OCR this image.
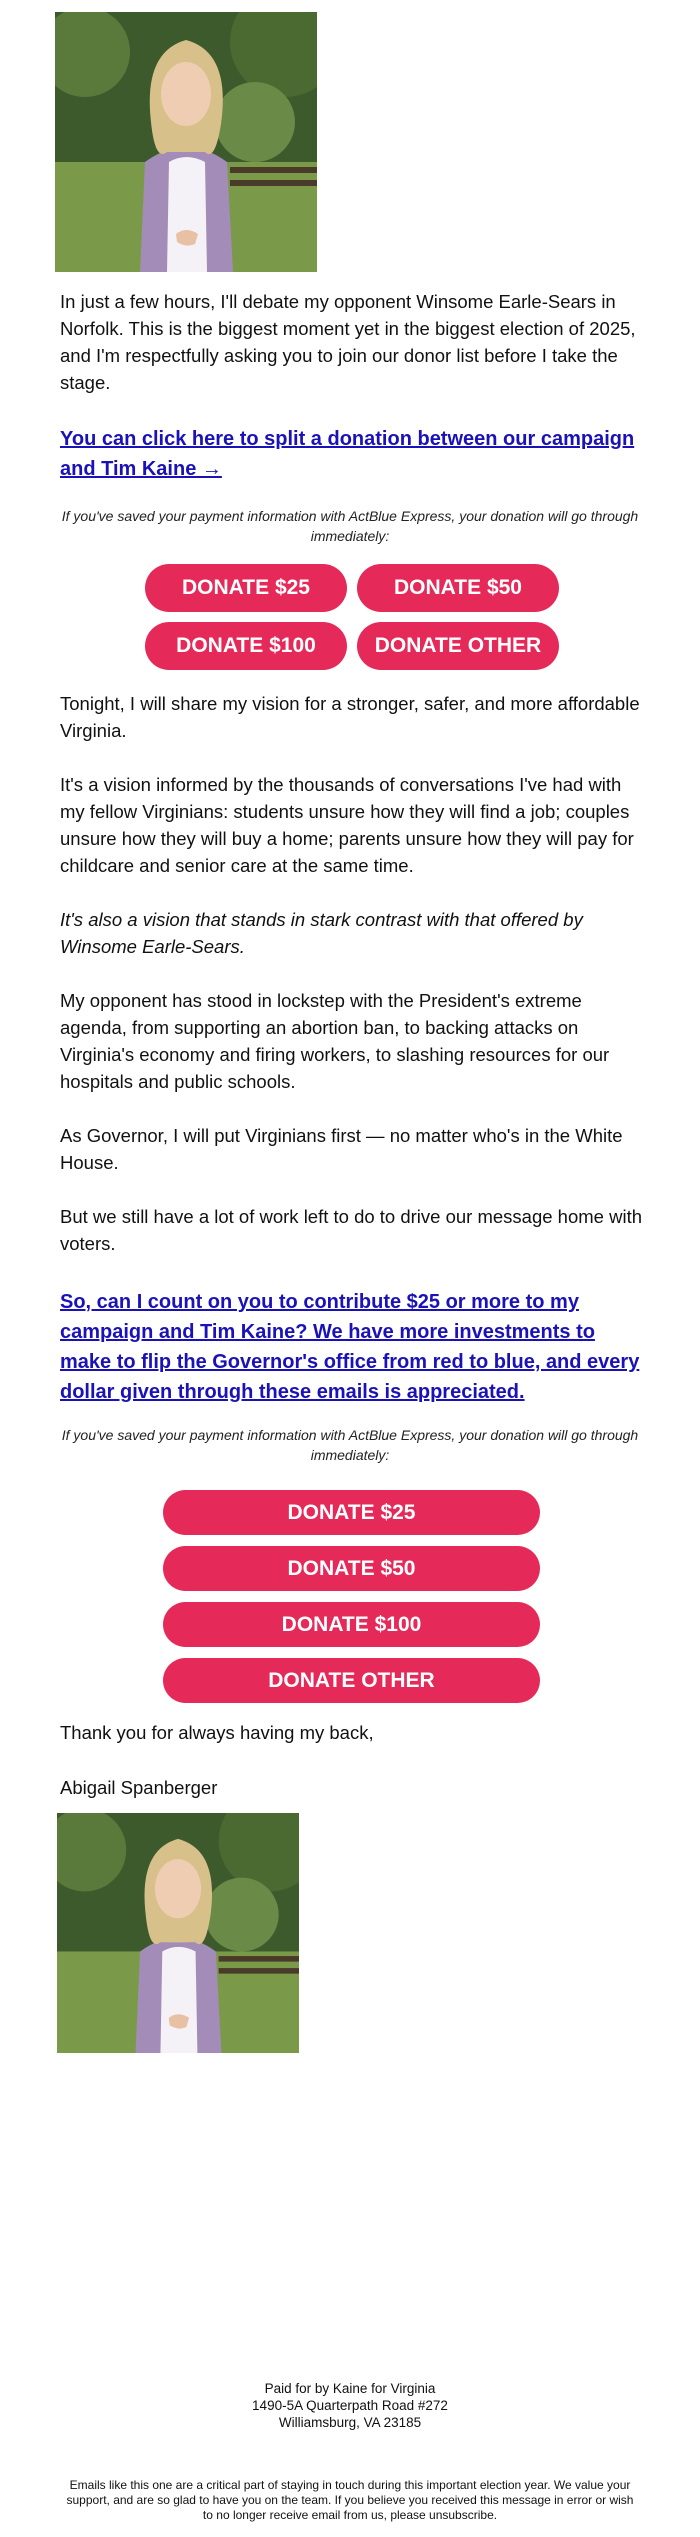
In just a few hours, I'll debate my opponent Winsome Earle-Sears in Norfolk. This is the biggest moment yet in the biggest election of 2025, and I'm respectfully asking you to join our donor list before I take the stage.

You can click here to split a donation between our campaign and Tim Kaine →

If you've saved your payment information with ActBlue Express, your donation will go through immediately:

DONATE $25	DONATE $50
DONATE $100	DONATE OTHER

Tonight, I will share my vision for a stronger, safer, and more affordable Virginia.

It's a vision informed by the thousands of conversations I've had with my fellow Virginians: students unsure how they will find a job; couples unsure how they will buy a home; parents unsure how they will pay for childcare and senior care at the same time.

It's also a vision that stands in stark contrast with that offered by Winsome Earle-Sears.

My opponent has stood in lockstep with the President's extreme agenda, from supporting an abortion ban, to backing attacks on Virginia's economy and firing workers, to slashing resources for our hospitals and public schools.

As Governor, I will put Virginians first — no matter who's in the White House.

But we still have a lot of work left to do to drive our message home with voters.

So, can I count on you to contribute $25 or more to my campaign and Tim Kaine? We have more investments to make to flip the Governor's office from red to blue, and every dollar given through these emails is appreciated.

If you've saved your payment information with ActBlue Express, your donation will go through immediately:

DONATE $25
DONATE $50
DONATE $100
DONATE OTHER

Thank you for always having my back,

Abigail Spanberger

Paid for by Kaine for Virginia
1490-5A Quarterpath Road #272
Williamsburg, VA 23185
Emails like this one are a critical part of staying in touch during this important election year. We value your support, and are so glad to have you on the team. If you believe you received this message in error or wish to no longer receive email from us, please unsubscribe.
